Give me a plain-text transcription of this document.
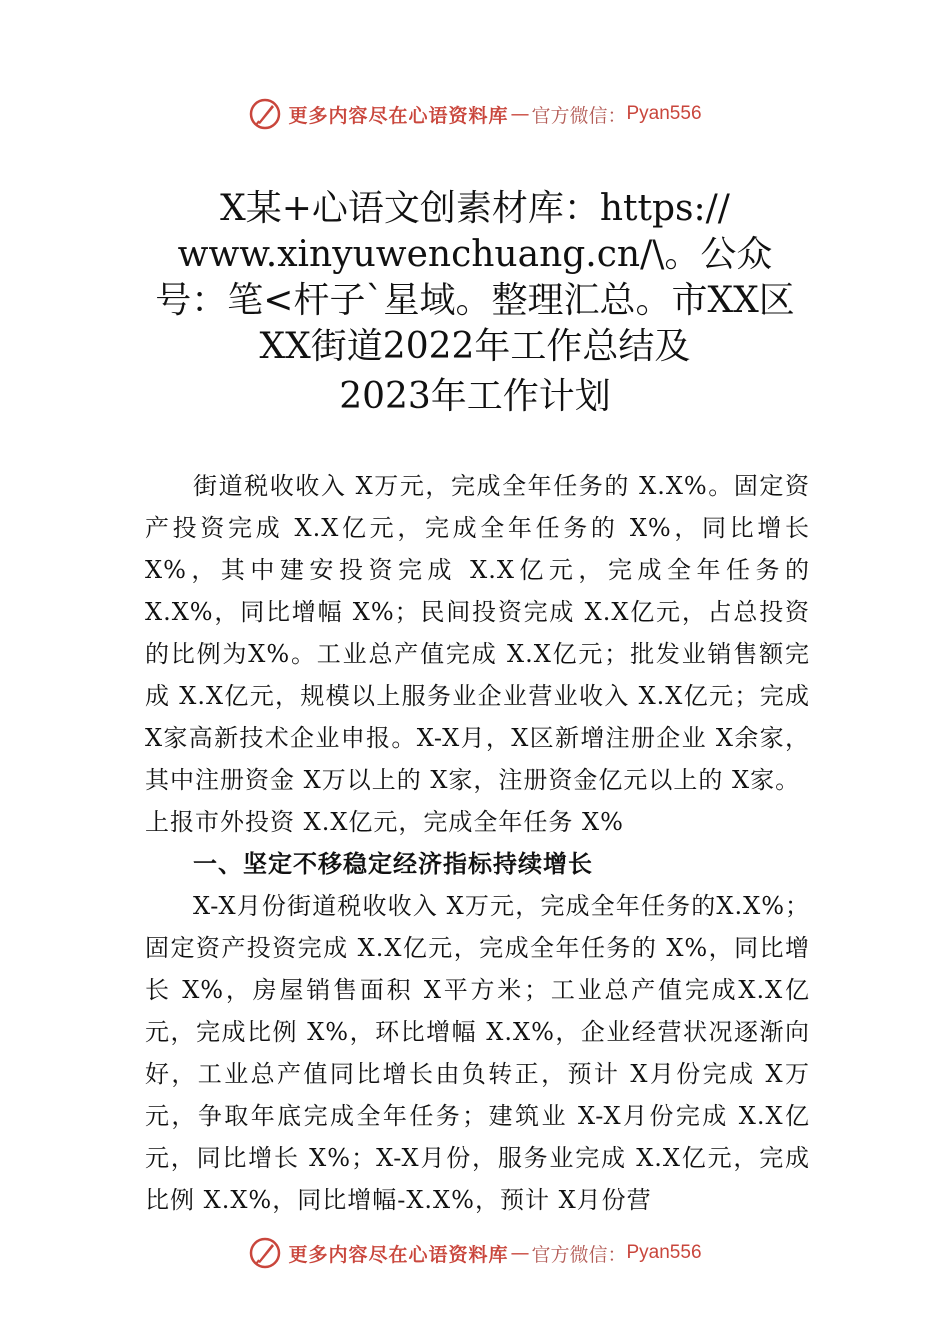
更多内容尽在心语资料库 — 官方微信： Pyan556
X某+心语文创素材库：https:// www.xinyuwenchuang.cn/\。公众号：笔<杆子`星域。整理汇总。市XX区XX街道2022年工作总结及
2023年工作计划

街道税收收入 X万元，完成全年任务的 X.X%。固定资产投资完成 X.X亿元，完成全年任务的 X%，同比增长X%，其中建安投资完成 X.X亿元，完成全年任务的 X.X%，同比增幅 X%；民间投资完成 X.X亿元，占总投资的比例为X%。工业总产值完成 X.X亿元；批发业销售额完成 X.X亿元，规模以上服务业企业营业收入 X.X亿元；完成 X家高新技术企业申报。X-X月，X区新增注册企业 X余家，其中注册资金 X万以上的 X家，注册资金亿元以上的 X家。

上报市外投资 X.X亿元，完成全年任务 X%

一、坚定不移稳定经济指标持续增长

X-X月份街道税收收入 X万元，完成全年任务的X.X%；固定资产投资完成 X.X亿元，完成全年任务的 X%，同比增长 X%，房屋销售面积 X平方米；工业总产值完成X.X亿元，完成比例 X%，环比增幅 X.X%，企业经营状况逐渐向好，工业总产值同比增长由负转正，预计 X月份完成 X万元，争取年底完成全年任务；建筑业 X-X月份完成 X.X亿元，同比增长 X%；X-X月份，服务业完成 X.X亿元，完成比例 X.X%，同比增幅-X.X%，预计 X月份营

更多内容尽在心语资料库 — 官方微信： Pyan556
